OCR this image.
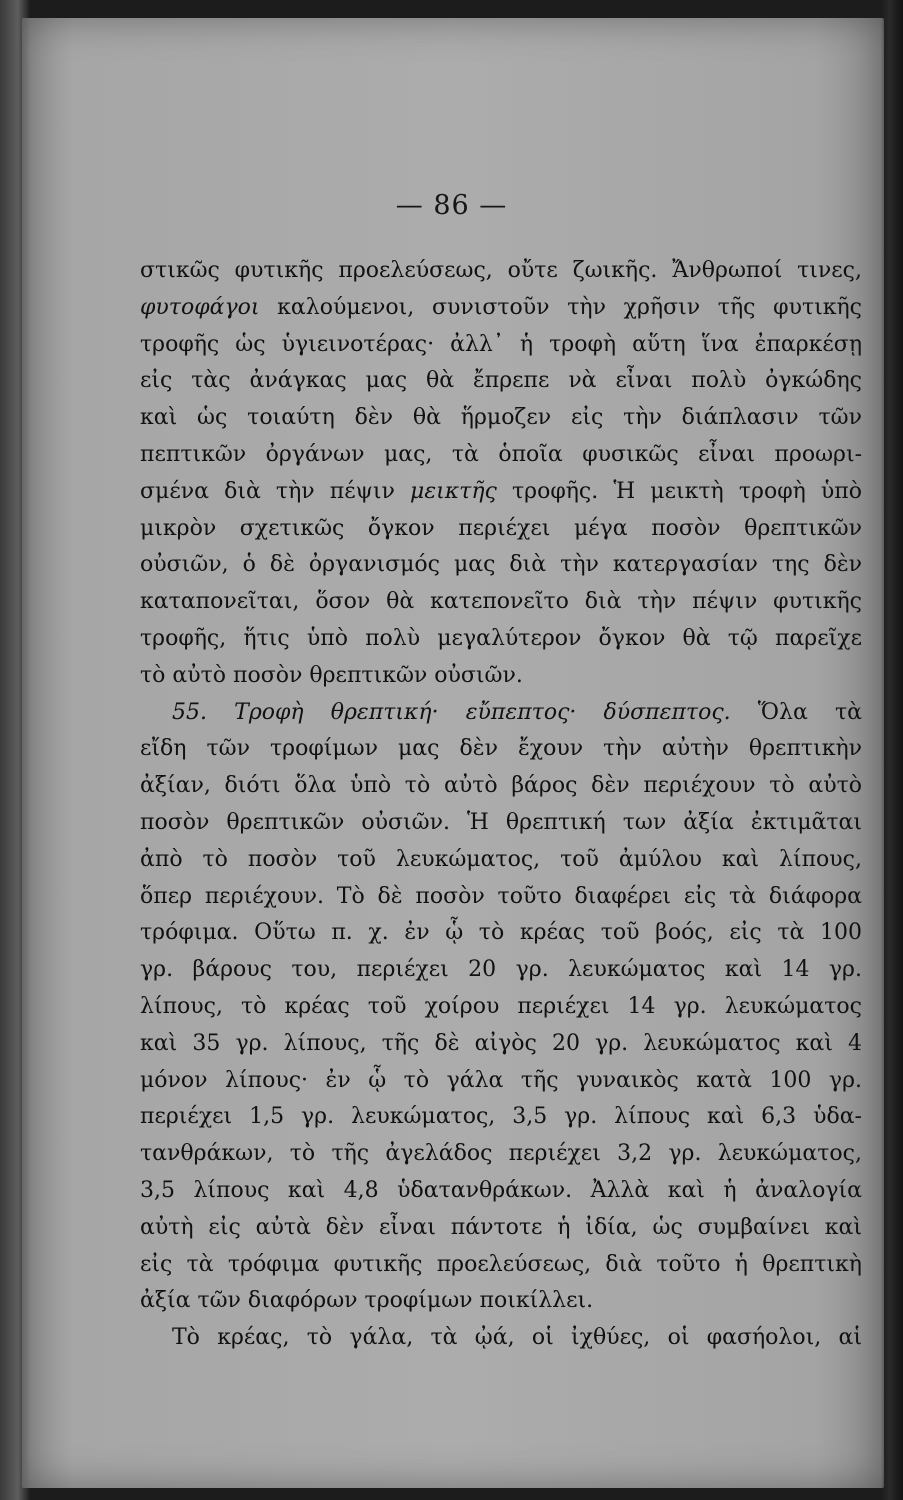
— 86 —
στικῶς φυτικῆς προελεύσεως, οὔτε ζωικῆς. Ἄνθρωποί τινες,
φυτοφάγοι καλούμενοι, συνιστοῦν τὴν χρῆσιν τῆς φυτικῆς
τροφῆς ὡς ὑγιεινοτέρας· ἀλλ᾿ ἡ τροφὴ αὕτη ἵνα ἐπαρκέσῃ
εἰς τὰς ἀνάγκας μας θὰ ἔπρεπε νὰ εἶναι πολὺ ὀγκώδης
καὶ ὡς τοιαύτη δὲν θὰ ἥρμοζεν εἰς τὴν διάπλασιν τῶν
πεπτικῶν ὀργάνων μας, τὰ ὁποῖα φυσικῶς εἶναι προωρι-
σμένα διὰ τὴν πέψιν μεικτῆς τροφῆς. Ἡ μεικτὴ τροφὴ ὑπὸ
μικρὸν σχετικῶς ὄγκον περιέχει μέγα ποσὸν θρεπτικῶν
οὐσιῶν, ὁ δὲ ὀργανισμός μας διὰ τὴν κατεργασίαν της δὲν
καταπονεῖται, ὅσον θὰ κατεπονεῖτο διὰ τὴν πέψιν φυτικῆς
τροφῆς, ἥτις ὑπὸ πολὺ μεγαλύτερον ὄγκον θὰ τῷ παρεῖχε
τὸ αὐτὸ ποσὸν θρεπτικῶν οὐσιῶν.
55. Τροφὴ θρεπτική· εὔπεπτος· δύσπεπτος. Ὅλα τὰ
εἴδη τῶν τροφίμων μας δὲν ἔχουν τὴν αὐτὴν θρεπτικὴν
ἀξίαν, διότι ὅλα ὑπὸ τὸ αὐτὸ βάρος δὲν περιέχουν τὸ αὐτὸ
ποσὸν θρεπτικῶν οὐσιῶν. Ἡ θρεπτική των ἀξία ἐκτιμᾶται
ἀπὸ τὸ ποσὸν τοῦ λευκώματος, τοῦ ἀμύλου καὶ λίπους,
ὅπερ περιέχουν. Τὸ δὲ ποσὸν τοῦτο διαφέρει εἰς τὰ διάφορα
τρόφιμα. Οὕτω π. χ. ἐν ᾧ τὸ κρέας τοῦ βοός, εἰς τὰ 100
γρ. βάρους του, περιέχει 20 γρ. λευκώματος καὶ 14 γρ.
λίπους, τὸ κρέας τοῦ χοίρου περιέχει 14 γρ. λευκώματος
καὶ 35 γρ. λίπους, τῆς δὲ αἰγὸς 20 γρ. λευκώματος καὶ 4
μόνον λίπους· ἐν ᾧ τὸ γάλα τῆς γυναικὸς κατὰ 100 γρ.
περιέχει 1,5 γρ. λευκώματος, 3,5 γρ. λίπους καὶ 6,3 ὑδα-
τανθράκων, τὸ τῆς ἀγελάδος περιέχει 3,2 γρ. λευκώματος,
3,5 λίπους καὶ 4,8 ὑδατανθράκων. Ἀλλὰ καὶ ἡ ἀναλογία
αὐτὴ εἰς αὐτὰ δὲν εἶναι πάντοτε ἡ ἰδία, ὡς συμβαίνει καὶ
εἰς τὰ τρόφιμα φυτικῆς προελεύσεως, διὰ τοῦτο ἡ θρεπτικὴ
ἀξία τῶν διαφόρων τροφίμων ποικίλλει.
Τὸ κρέας, τὸ γάλα, τὰ ᾠά, οἱ ἰχθύες, οἱ φασήολοι, αἱ
